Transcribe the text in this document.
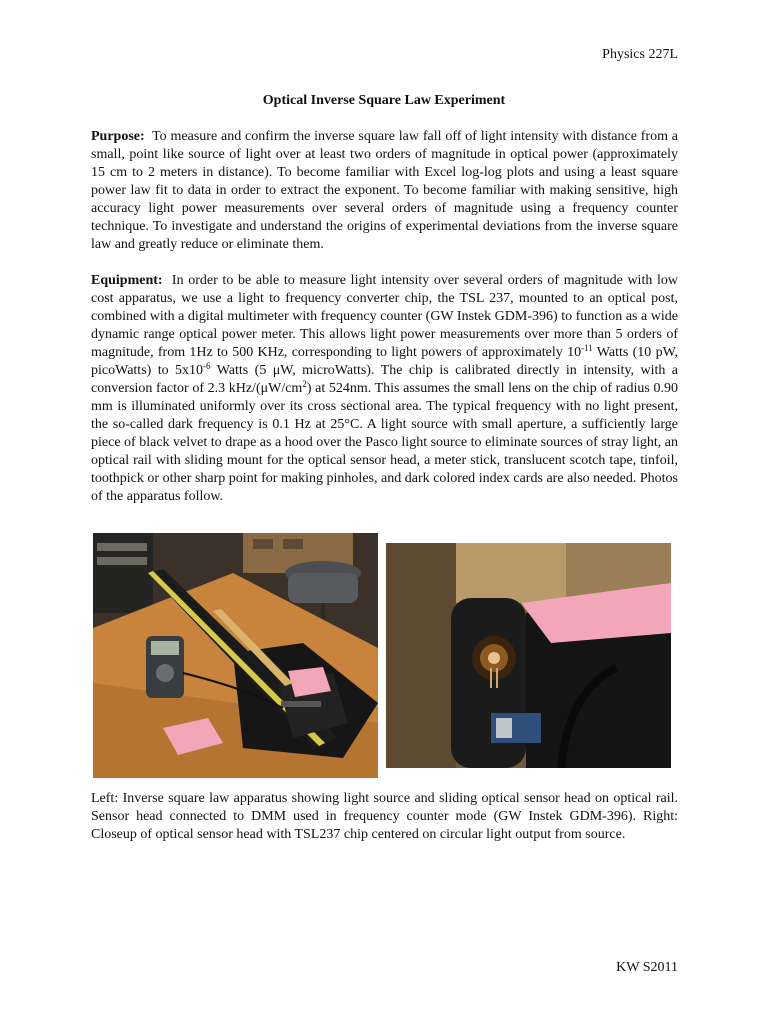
Physics 227L
Optical Inverse Square Law Experiment
Purpose: To measure and confirm the inverse square law fall off of light intensity with distance from a small, point like source of light over at least two orders of magnitude in optical power (approximately 15 cm to 2 meters in distance). To become familiar with Excel log-log plots and using a least square power law fit to data in order to extract the exponent. To become familiar with making sensitive, high accuracy light power measurements over several orders of magnitude using a frequency counter technique. To investigate and understand the origins of experimental deviations from the inverse square law and greatly reduce or eliminate them.
Equipment: In order to be able to measure light intensity over several orders of magnitude with low cost apparatus, we use a light to frequency converter chip, the TSL 237, mounted to an optical post, combined with a digital multimeter with frequency counter (GW Instek GDM-396) to function as a wide dynamic range optical power meter. This allows light power measurements over more than 5 orders of magnitude, from 1Hz to 500 KHz, corresponding to light powers of approximately $10^{-11}$ Watts (10 pW, picoWatts) to $5x10^{-6}$ Watts (5 μW, microWatts). The chip is calibrated directly in intensity, with a conversion factor of 2.3 kHz/$(\mu W/cm^2)$ at 524nm. This assumes the small lens on the chip of radius 0.90 mm is illuminated uniformly over its cross sectional area. The typical frequency with no light present, the so-called dark frequency is 0.1 Hz at 25°C. A light source with small aperture, a sufficiently large piece of black velvet to drape as a hood over the Pasco light source to eliminate sources of stray light, an optical rail with sliding mount for the optical sensor head, a meter stick, translucent scotch tape, tinfoil, toothpick or other sharp point for making pinholes, and dark colored index cards are also needed. Photos of the apparatus follow.
Left: Inverse square law apparatus showing light source and sliding optical sensor head on optical rail. Sensor head connected to DMM used in frequency counter mode (GW Instek GDM-396). Right: Closeup of optical sensor head with TSL237 chip centered on circular light output from source.
KW S2011
